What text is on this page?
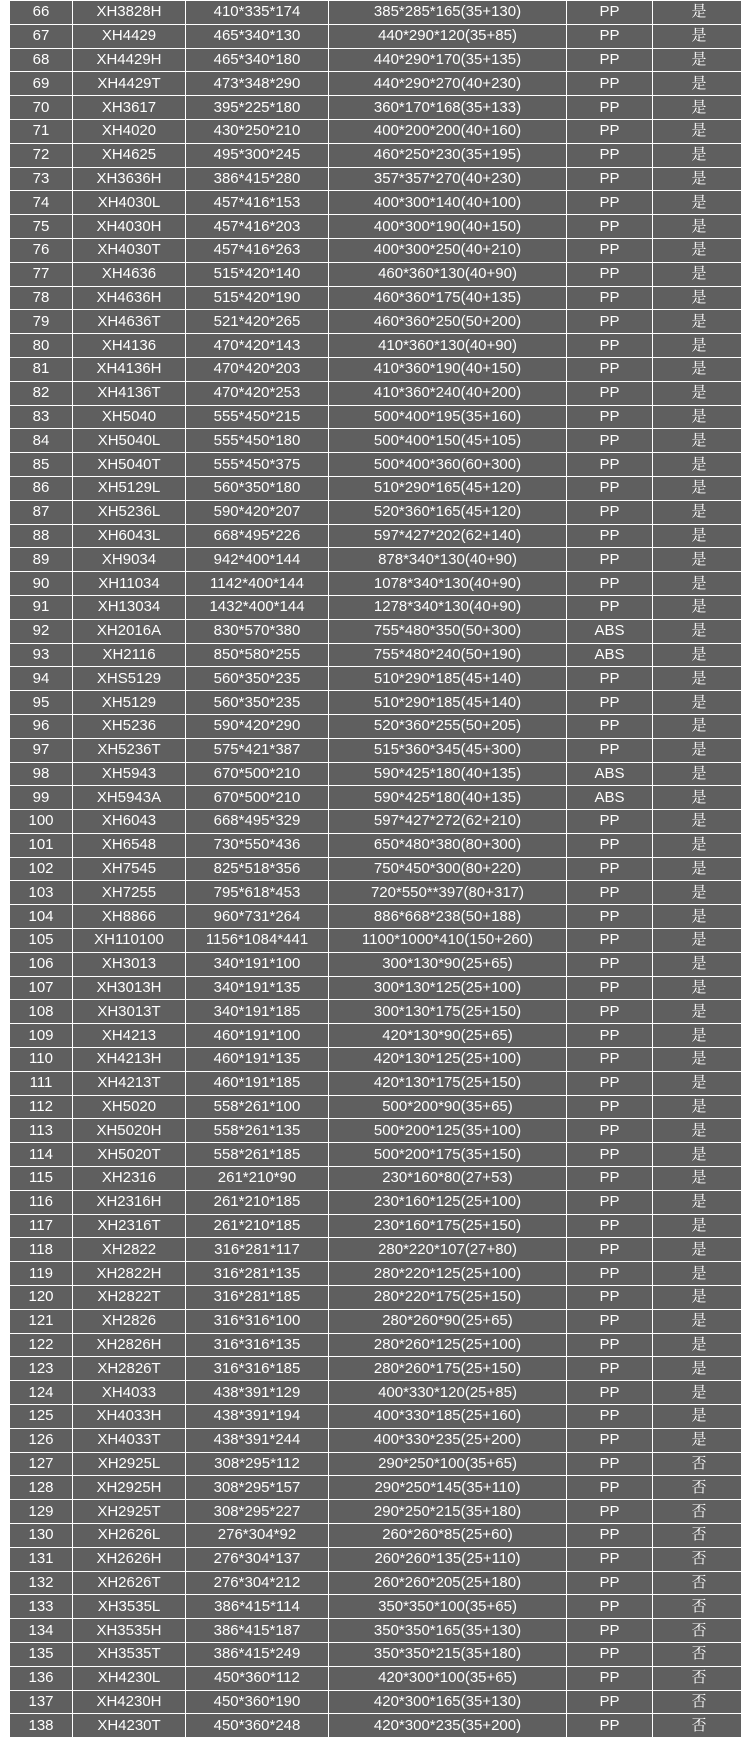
66	XH3828H	410*335*174	385*285*165(35+130)	PP	是
67	XH4429	465*340*130	440*290*120(35+85)	PP	是
68	XH4429H	465*340*180	440*290*170(35+135)	PP	是
69	XH4429T	473*348*290	440*290*270(40+230)	PP	是
70	XH3617	395*225*180	360*170*168(35+133)	PP	是
71	XH4020	430*250*210	400*200*200(40+160)	PP	是
72	XH4625	495*300*245	460*250*230(35+195)	PP	是
73	XH3636H	386*415*280	357*357*270(40+230)	PP	是
74	XH4030L	457*416*153	400*300*140(40+100)	PP	是
75	XH4030H	457*416*203	400*300*190(40+150)	PP	是
76	XH4030T	457*416*263	400*300*250(40+210)	PP	是
77	XH4636	515*420*140	460*360*130(40+90)	PP	是
78	XH4636H	515*420*190	460*360*175(40+135)	PP	是
79	XH4636T	521*420*265	460*360*250(50+200)	PP	是
80	XH4136	470*420*143	410*360*130(40+90)	PP	是
81	XH4136H	470*420*203	410*360*190(40+150)	PP	是
82	XH4136T	470*420*253	410*360*240(40+200)	PP	是
83	XH5040	555*450*215	500*400*195(35+160)	PP	是
84	XH5040L	555*450*180	500*400*150(45+105)	PP	是
85	XH5040T	555*450*375	500*400*360(60+300)	PP	是
86	XH5129L	560*350*180	510*290*165(45+120)	PP	是
87	XH5236L	590*420*207	520*360*165(45+120)	PP	是
88	XH6043L	668*495*226	597*427*202(62+140)	PP	是
89	XH9034	942*400*144	878*340*130(40+90)	PP	是
90	XH11034	1142*400*144	1078*340*130(40+90)	PP	是
91	XH13034	1432*400*144	1278*340*130(40+90)	PP	是
92	XH2016A	830*570*380	755*480*350(50+300)	ABS	是
93	XH2116	850*580*255	755*480*240(50+190)	ABS	是
94	XHS5129	560*350*235	510*290*185(45+140)	PP	是
95	XH5129	560*350*235	510*290*185(45+140)	PP	是
96	XH5236	590*420*290	520*360*255(50+205)	PP	是
97	XH5236T	575*421*387	515*360*345(45+300)	PP	是
98	XH5943	670*500*210	590*425*180(40+135)	ABS	是
99	XH5943A	670*500*210	590*425*180(40+135)	ABS	是
100	XH6043	668*495*329	597*427*272(62+210)	PP	是
101	XH6548	730*550*436	650*480*380(80+300)	PP	是
102	XH7545	825*518*356	750*450*300(80+220)	PP	是
103	XH7255	795*618*453	720*550**397(80+317)	PP	是
104	XH8866	960*731*264	886*668*238(50+188)	PP	是
105	XH110100	1156*1084*441	1100*1000*410(150+260)	PP	是
106	XH3013	340*191*100	300*130*90(25+65)	PP	是
107	XH3013H	340*191*135	300*130*125(25+100)	PP	是
108	XH3013T	340*191*185	300*130*175(25+150)	PP	是
109	XH4213	460*191*100	420*130*90(25+65)	PP	是
110	XH4213H	460*191*135	420*130*125(25+100)	PP	是
111	XH4213T	460*191*185	420*130*175(25+150)	PP	是
112	XH5020	558*261*100	500*200*90(35+65)	PP	是
113	XH5020H	558*261*135	500*200*125(35+100)	PP	是
114	XH5020T	558*261*185	500*200*175(35+150)	PP	是
115	XH2316	261*210*90	230*160*80(27+53)	PP	是
116	XH2316H	261*210*185	230*160*125(25+100)	PP	是
117	XH2316T	261*210*185	230*160*175(25+150)	PP	是
118	XH2822	316*281*117	280*220*107(27+80)	PP	是
119	XH2822H	316*281*135	280*220*125(25+100)	PP	是
120	XH2822T	316*281*185	280*220*175(25+150)	PP	是
121	XH2826	316*316*100	280*260*90(25+65)	PP	是
122	XH2826H	316*316*135	280*260*125(25+100)	PP	是
123	XH2826T	316*316*185	280*260*175(25+150)	PP	是
124	XH4033	438*391*129	400*330*120(25+85)	PP	是
125	XH4033H	438*391*194	400*330*185(25+160)	PP	是
126	XH4033T	438*391*244	400*330*235(25+200)	PP	是
127	XH2925L	308*295*112	290*250*100(35+65)	PP	否
128	XH2925H	308*295*157	290*250*145(35+110)	PP	否
129	XH2925T	308*295*227	290*250*215(35+180)	PP	否
130	XH2626L	276*304*92	260*260*85(25+60)	PP	否
131	XH2626H	276*304*137	260*260*135(25+110)	PP	否
132	XH2626T	276*304*212	260*260*205(25+180)	PP	否
133	XH3535L	386*415*114	350*350*100(35+65)	PP	否
134	XH3535H	386*415*187	350*350*165(35+130)	PP	否
135	XH3535T	386*415*249	350*350*215(35+180)	PP	否
136	XH4230L	450*360*112	420*300*100(35+65)	PP	否
137	XH4230H	450*360*190	420*300*165(35+130)	PP	否
138	XH4230T	450*360*248	420*300*235(35+200)	PP	否
